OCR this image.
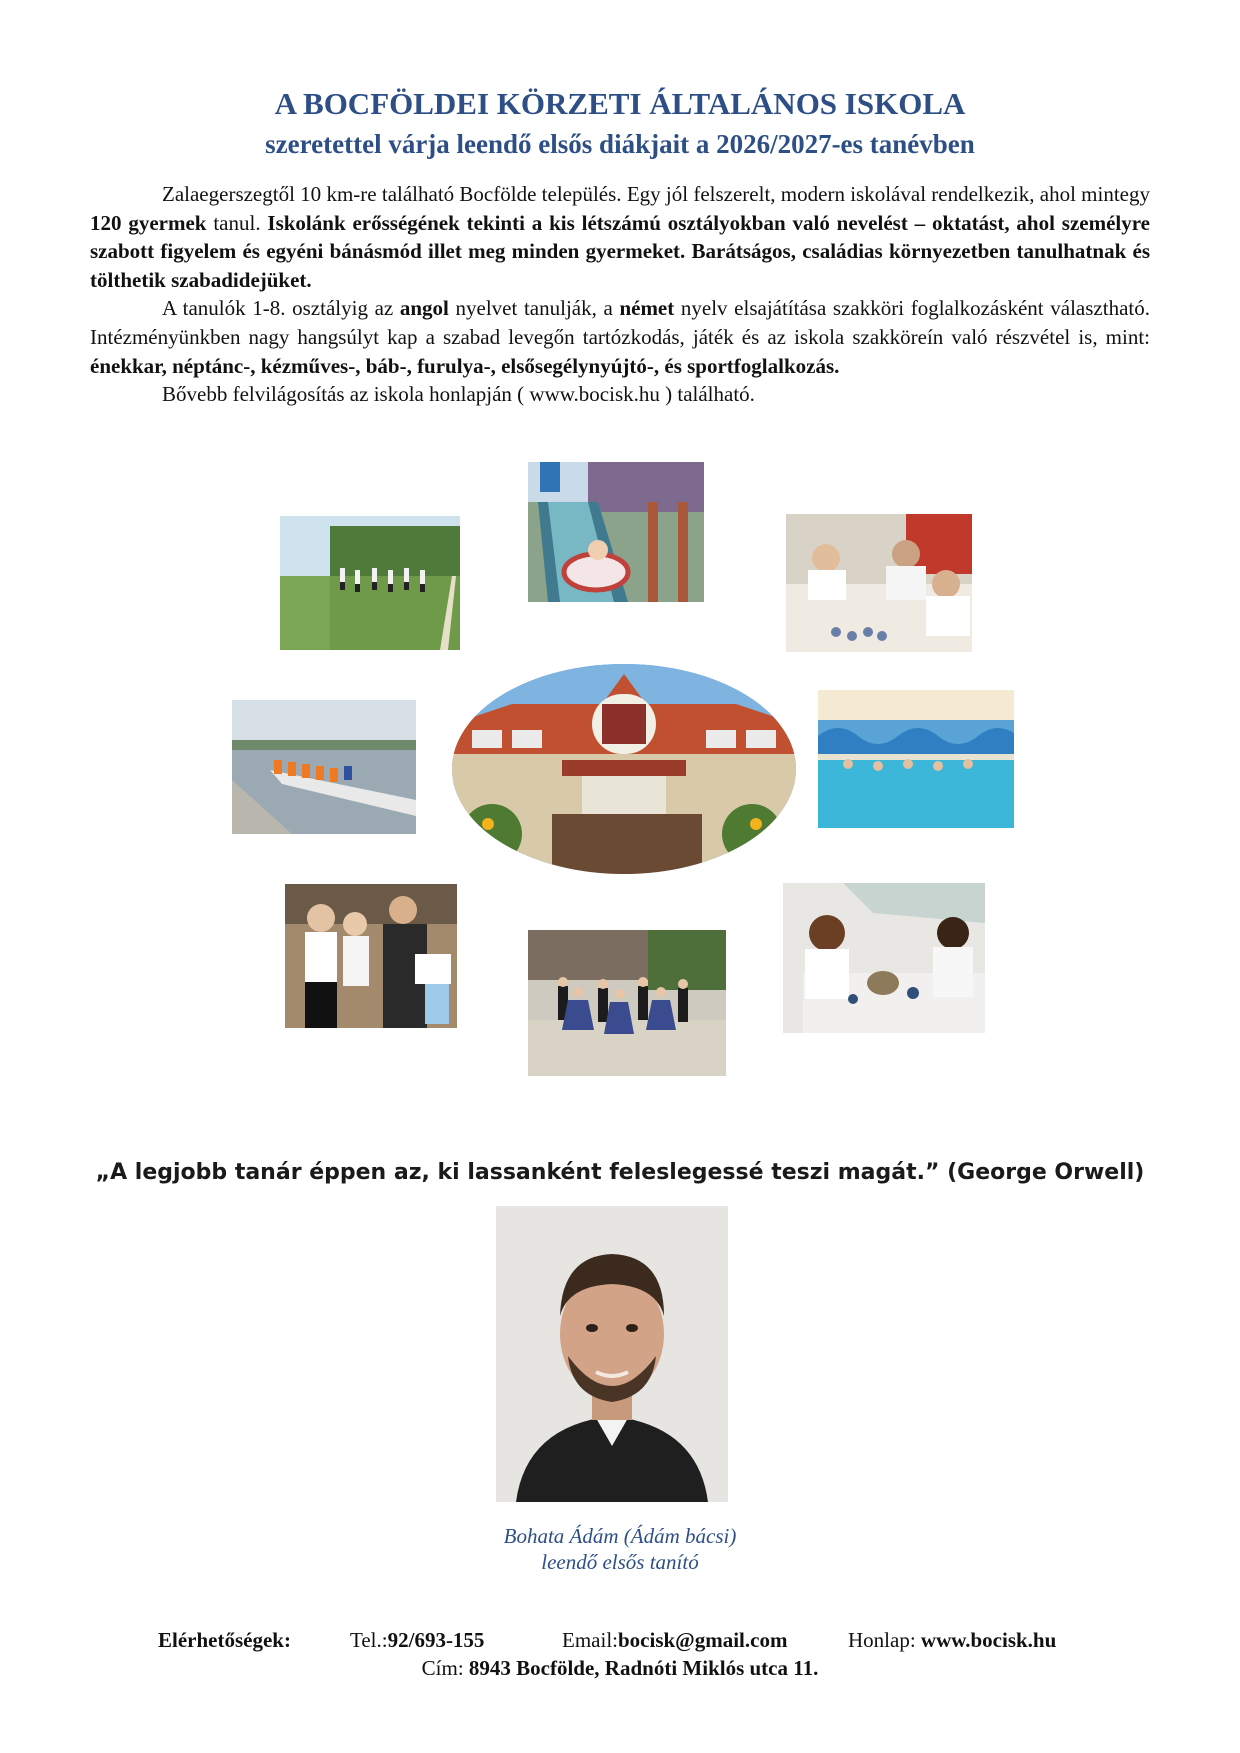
A BOCFÖLDEI KÖRZETI ÁLTALÁNOS ISKOLA
szeretettel várja leendő elsős diákjait a 2026/2027-es tanévben

Zalaegerszegtől 10 km-re található Bocfölde település. Egy jól felszerelt, modern iskolával rendelkezik, ahol mintegy 120 gyermek tanul. Iskolánk erősségének tekinti a kis létszámú osztályokban való nevelést – oktatást, ahol személyre szabott figyelem és egyéni bánásmód illet meg minden gyermeket. Barátságos, családias környezetben tanulhatnak és tölthetik szabadidejüket.

A tanulók 1-8. osztályig az angol nyelvet tanulják, a német nyelv elsajátítása szakköri foglalkozásként választható. Intézményünkben nagy hangsúlyt kap a szabad levegőn tartózkodás, játék és az iskola szakköreín való részvétel is, mint: énekkar, néptánc-, kézműves-, báb-, furulya-, elsősegélynyújtó-, és sportfoglalkozás.

Bővebb felvilágosítás az iskola honlapján ( www.bocisk.hu ) található.

„A legjobb tanár éppen az, ki lassanként feleslegessé teszi magát.” (George Orwell)
Bohata Ádám (Ádám bácsi)
leendő elsős tanító
Elérhetőségek:	Tel.:92/693-155	Email:bocisk@gmail.com	Honlap: www.bocisk.hu
Cím: 8943 Bocfölde, Radnóti Miklós utca 11.
